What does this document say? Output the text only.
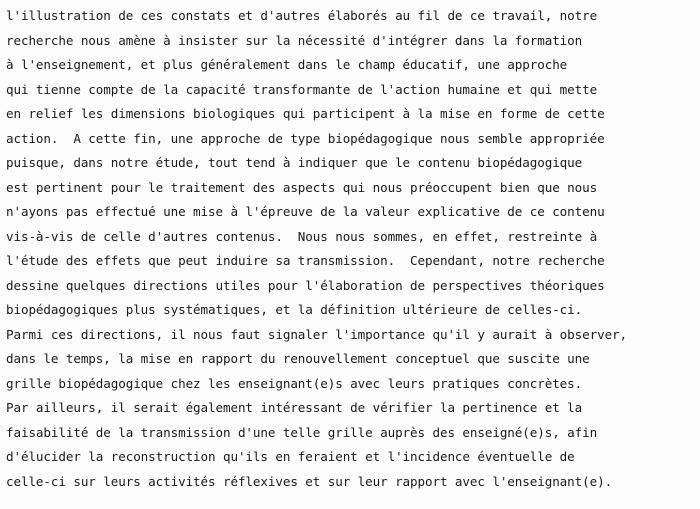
l'illustration de ces constats et d'autres élaborés au fil de ce travail, notre
recherche nous amène à insister sur la nécessité d'intégrer dans la formation
à l'enseignement, et plus généralement dans le champ éducatif, une approche
qui tienne compte de la capacité transformante de l'action humaine et qui mette
en relief les dimensions biologiques qui participent à la mise en forme de cette
action.  A cette fin, une approche de type biopédagogique nous semble appropriée
puisque, dans notre étude, tout tend à indiquer que le contenu biopédagogique
est pertinent pour le traitement des aspects qui nous préoccupent bien que nous
n'ayons pas effectué une mise à l'épreuve de la valeur explicative de ce contenu
vis-à-vis de celle d'autres contenus.  Nous nous sommes, en effet, restreinte à
l'étude des effets que peut induire sa transmission.  Cependant, notre recherche
dessine quelques directions utiles pour l'élaboration de perspectives théoriques
biopédagogiques plus systématiques, et la définition ultérieure de celles-ci.
Parmi ces directions, il nous faut signaler l'importance qu'il y aurait à observer,
dans le temps, la mise en rapport du renouvellement conceptuel que suscite une
grille biopédagogique chez les enseignant(e)s avec leurs pratiques concrètes.
Par ailleurs, il serait également intéressant de vérifier la pertinence et la
faisabilité de la transmission d'une telle grille auprès des enseigné(e)s, afin
d'élucider la reconstruction qu'ils en feraient et l'incidence éventuelle de
celle-ci sur leurs activités réflexives et sur leur rapport avec l'enseignant(e).
